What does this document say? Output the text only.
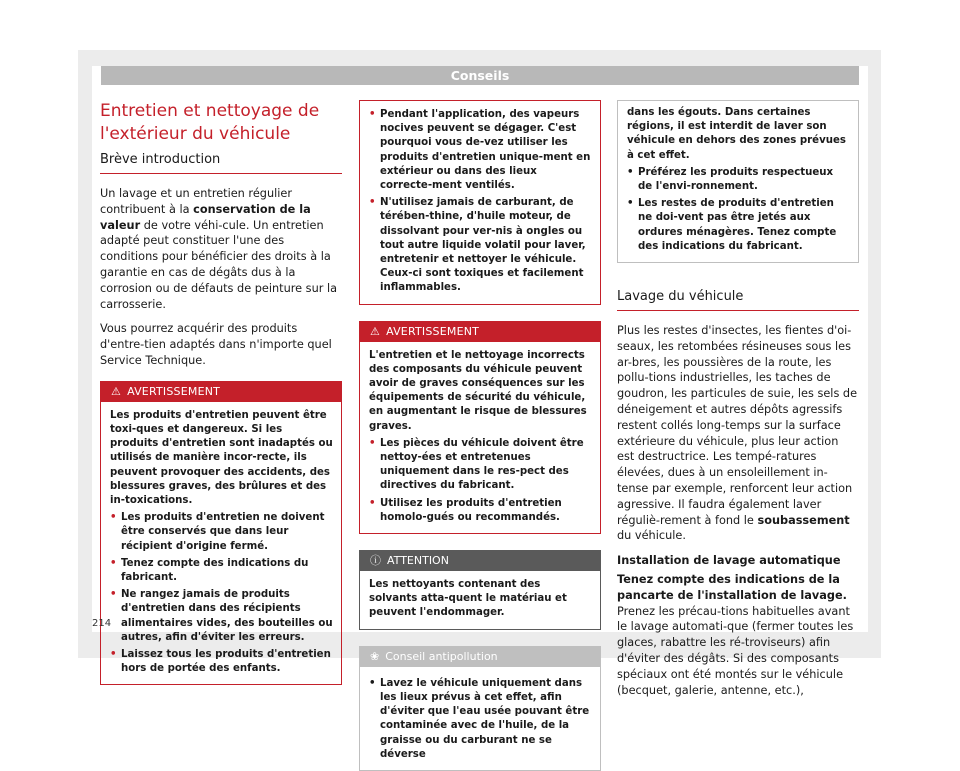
Conseils
Entretien et nettoyage de
l'extérieur du véhicule
Brève introduction

Un lavage et un entretien régulier contribuent à la conservation de la valeur de votre véhi-cule. Un entretien adapté peut constituer l'une des conditions pour bénéficier des droits à la garantie en cas de dégâts dus à la corrosion ou de défauts de peinture sur la carrosserie.

Vous pourrez acquérir des produits d'entre-tien adaptés dans n'importe quel Service Technique.

⚠ AVERTISSEMENT

Les produits d'entretien peuvent être toxi-ques et dangereux. Si les produits d'entretien sont inadaptés ou utilisés de manière incor-recte, ils peuvent provoquer des accidents, des blessures graves, des brûlures et des in-toxications.

• Les produits d'entretien ne doivent être conservés que dans leur récipient d'origine fermé.
• Tenez compte des indications du fabricant.
• Ne rangez jamais de produits d'entretien dans des récipients alimentaires vides, des bouteilles ou autres, afin d'éviter les erreurs.
• Laissez tous les produits d'entretien hors de portée des enfants.
• Pendant l'application, des vapeurs nocives peuvent se dégager. C'est pourquoi vous de-vez utiliser les produits d'entretien unique-ment en extérieur ou dans des lieux correcte-ment ventilés.
• N'utilisez jamais de carburant, de térében-thine, d'huile moteur, de dissolvant pour ver-nis à ongles ou tout autre liquide volatil pour laver, entretenir et nettoyer le véhicule. Ceux-ci sont toxiques et facilement inflammables.
⚠ AVERTISSEMENT

L'entretien et le nettoyage incorrects des composants du véhicule peuvent avoir de graves conséquences sur les équipements de sécurité du véhicule, en augmentant le risque de blessures graves.

• Les pièces du véhicule doivent être nettoy-ées et entretenues uniquement dans le res-pect des directives du fabricant.
• Utilisez les produits d'entretien homolo-gués ou recommandés.
ⓘ ATTENTION

Les nettoyants contenant des solvants atta-quent le matériau et peuvent l'endommager.

❀ Conseil antipollution
• Lavez le véhicule uniquement dans les lieux prévus à cet effet, afin d'éviter que l'eau usée pouvant être contaminée avec de l'huile, de la graisse ou du carburant ne se déverse

dans les égouts. Dans certaines régions, il est interdit de laver son véhicule en dehors des zones prévues à cet effet.

• Préférez les produits respectueux de l'envi-ronnement.
• Les restes de produits d'entretien ne doi-vent pas être jetés aux ordures ménagères. Tenez compte des indications du fabricant.
Lavage du véhicule

Plus les restes d'insectes, les fientes d'oi-seaux, les retombées résineuses sous les ar-bres, les poussières de la route, les pollu-tions industrielles, les taches de goudron, les particules de suie, les sels de déneigement et autres dépôts agressifs restent collés long-temps sur la surface extérieure du véhicule, plus leur action est destructrice. Les tempé-ratures élevées, dues à un ensoleillement in-tense par exemple, renforcent leur action agressive. Il faudra également laver réguliè-rement à fond le soubassement du véhicule.

Installation de lavage automatique

Tenez compte des indications de la pancarte de l'installation de lavage. Prenez les précau-tions habituelles avant le lavage automati-que (fermer toutes les glaces, rabattre les ré-troviseurs) afin d'éviter des dégâts. Si des composants spéciaux ont été montés sur le véhicule (becquet, galerie, antenne, etc.),

214
